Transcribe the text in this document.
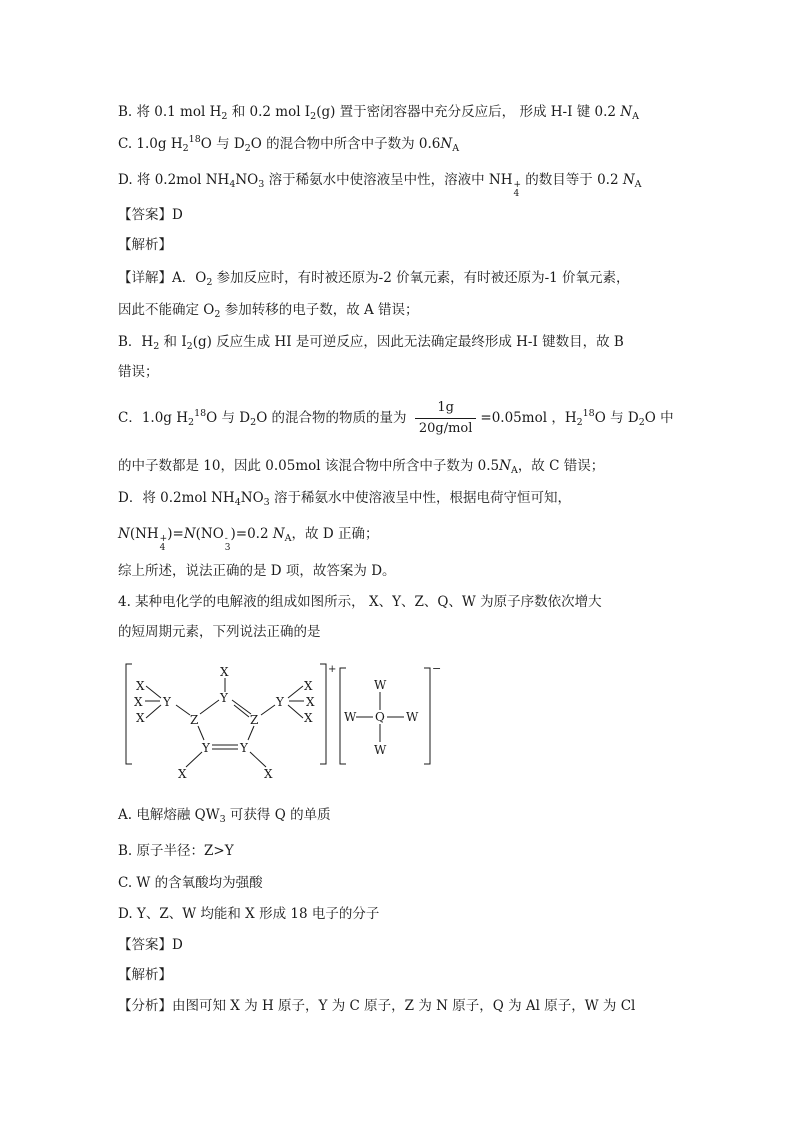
B. 将 0.1 mol $H_2$ 和 0.2 mol $I_2(g)$ 置于密闭容器中充分反应后， 形成 H-I 键 0.2 $N_A$
C. 1.0g $H_2^{18}O$ 与 $D_2O$ 的混合物中所含中子数为 $0.6N_A$
D. 将 0.2mol $NH_4NO_3$ 溶于稀氨水中使溶液呈中性，溶液中 NH +
4
的数目等于 0.2 $N_A$
【答案】D
【解析】
【详解】A．$O_2$ 参加反应时，有时被还原为-2 价氧元素，有时被还原为-1 价氧元素，
因此不能确定 $O_2$ 参加转移的电子数，故 A 错误；
B．$H_2$ 和 $I_2(g)$ 反应生成 HI 是可逆反应，因此无法确定最终形成 H-I 键数目，故 B
错误；
C．1.0g $H_2^{18}O$ 与 $D_2O$ 的混合物的物质的量为 $\frac{1g}{\text{20g/mol}} =0.05mol$ ，$H_2^{18}O$ 与 $D_2O$ 中
的中子数都是 10，因此 0.05mol 该混合物中所含中子数为 $0.5N_A$，故 C 错误；
D．将 0.2mol $NH_4NO_3$ 溶于稀氨水中使溶液呈中性，根据电荷守恒可知，
N(NH +
4
)=N(NO -
3
)=0.2 $N_A$，故 D 正确；
综上所述，说法正确的是 D 项，故答案为 D。
4. 某种电化学的电解液的组成如图所示， X、Y、Z、Q、W 为原子序数依次增大
的短周期元素，下列说法正确的是
X
X
X
Y
Z
X
Y
Z
Y	Y
X	X
Y
X
X
X
+
W
W Q W
W
−
A. 电解熔融 $QW_3$ 可获得 Q 的单质
B. 原子半径：Z>Y
C. W 的含氧酸均为强酸
D. Y、Z、W 均能和 X 形成 18 电子的分子
【答案】D
【解析】
【分析】由图可知 X 为 H 原子，Y 为 C 原子，Z 为 N 原子，Q 为 Al 原子，W 为 Cl
